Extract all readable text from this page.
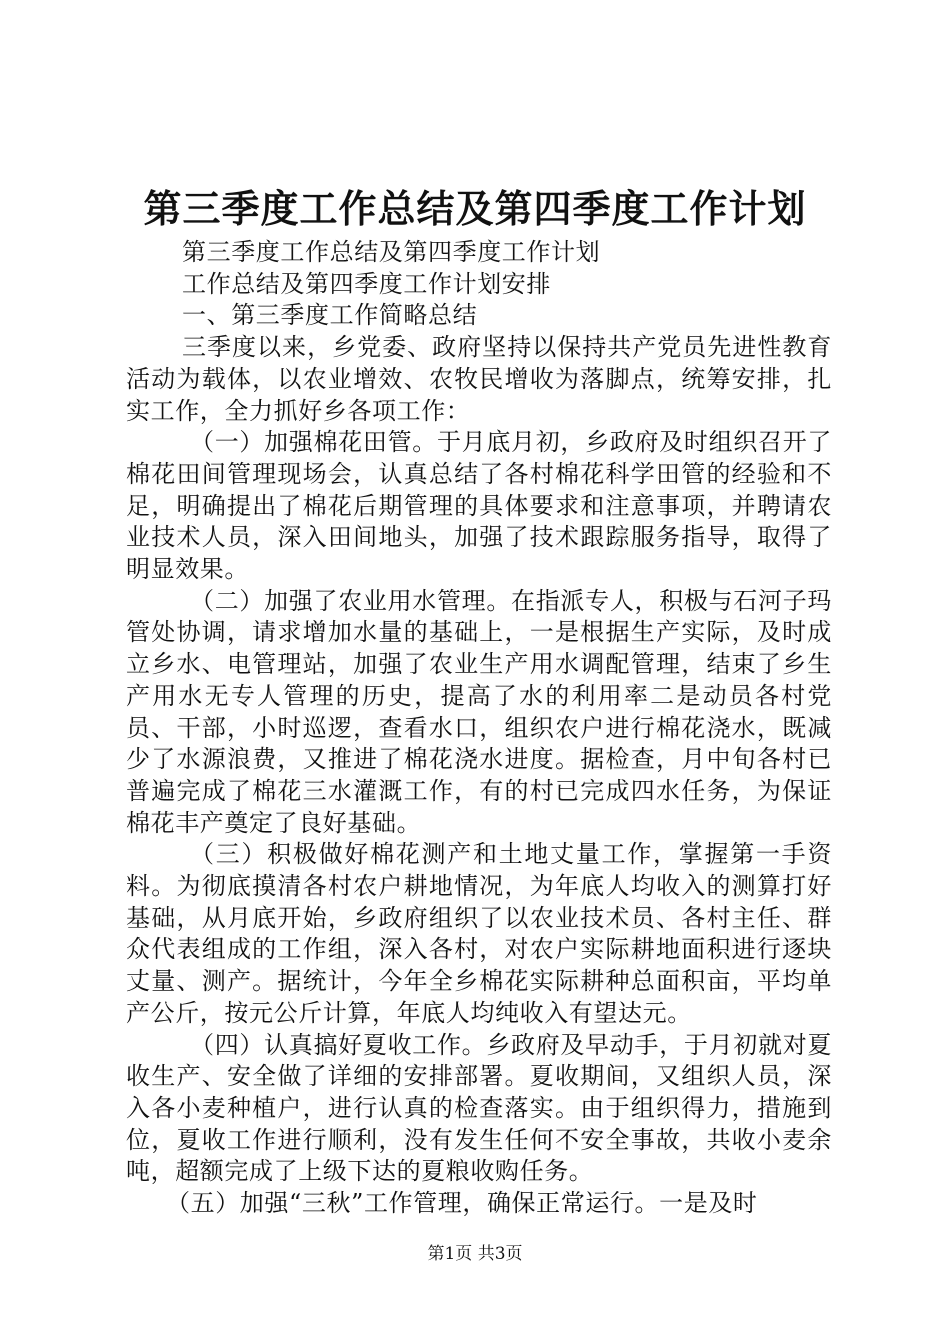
第三季度工作总结及第四季度工作计划

第三季度工作总结及第四季度工作计划

工作总结及第四季度工作计划安排

一、第三季度工作简略总结

三季度以来，乡党委、政府坚持以保持共产党员先进性教育活动为载体，以农业增效、农牧民增收为落脚点，统筹安排，扎实工作，全力抓好乡各项工作：

（一）加强棉花田管。于月底月初，乡政府及时组织召开了棉花田间管理现场会，认真总结了各村棉花科学田管的经验和不足，明确提出了棉花后期管理的具体要求和注意事项，并聘请农业技术人员，深入田间地头，加强了技术跟踪服务指导，取得了明显效果。

（二）加强了农业用水管理。在指派专人，积极与石河子玛管处协调，请求增加水量的基础上，一是根据生产实际，及时成立乡水、电管理站，加强了农业生产用水调配管理，结束了乡生产用水无专人管理的历史，提高了水的利用率二是动员各村党员、干部，小时巡逻，查看水口，组织农户进行棉花浇水，既减少了水源浪费，又推进了棉花浇水进度。据检查，月中旬各村已普遍完成了棉花三水灌溉工作，有的村已完成四水任务，为保证棉花丰产奠定了良好基础。

（三）积极做好棉花测产和土地丈量工作，掌握第一手资料。为彻底摸清各村农户耕地情况，为年底人均收入的测算打好基础，从月底开始，乡政府组织了以农业技术员、各村主任、群众代表组成的工作组，深入各村，对农户实际耕地面积进行逐块丈量、测产。据统计，今年全乡棉花实际耕种总面积亩，平均单产公斤，按元公斤计算，年底人均纯收入有望达元。

（四）认真搞好夏收工作。乡政府及早动手，于月初就对夏收生产、安全做了详细的安排部署。夏收期间，又组织人员，深入各小麦种植户，进行认真的检查落实。由于组织得力，措施到位，夏收工作进行顺利，没有发生任何不安全事故，共收小麦余吨，超额完成了上级下达的夏粮收购任务。

（五）加强“三秋”工作管理，确保正常运行。一是及时

第1页 共3页
